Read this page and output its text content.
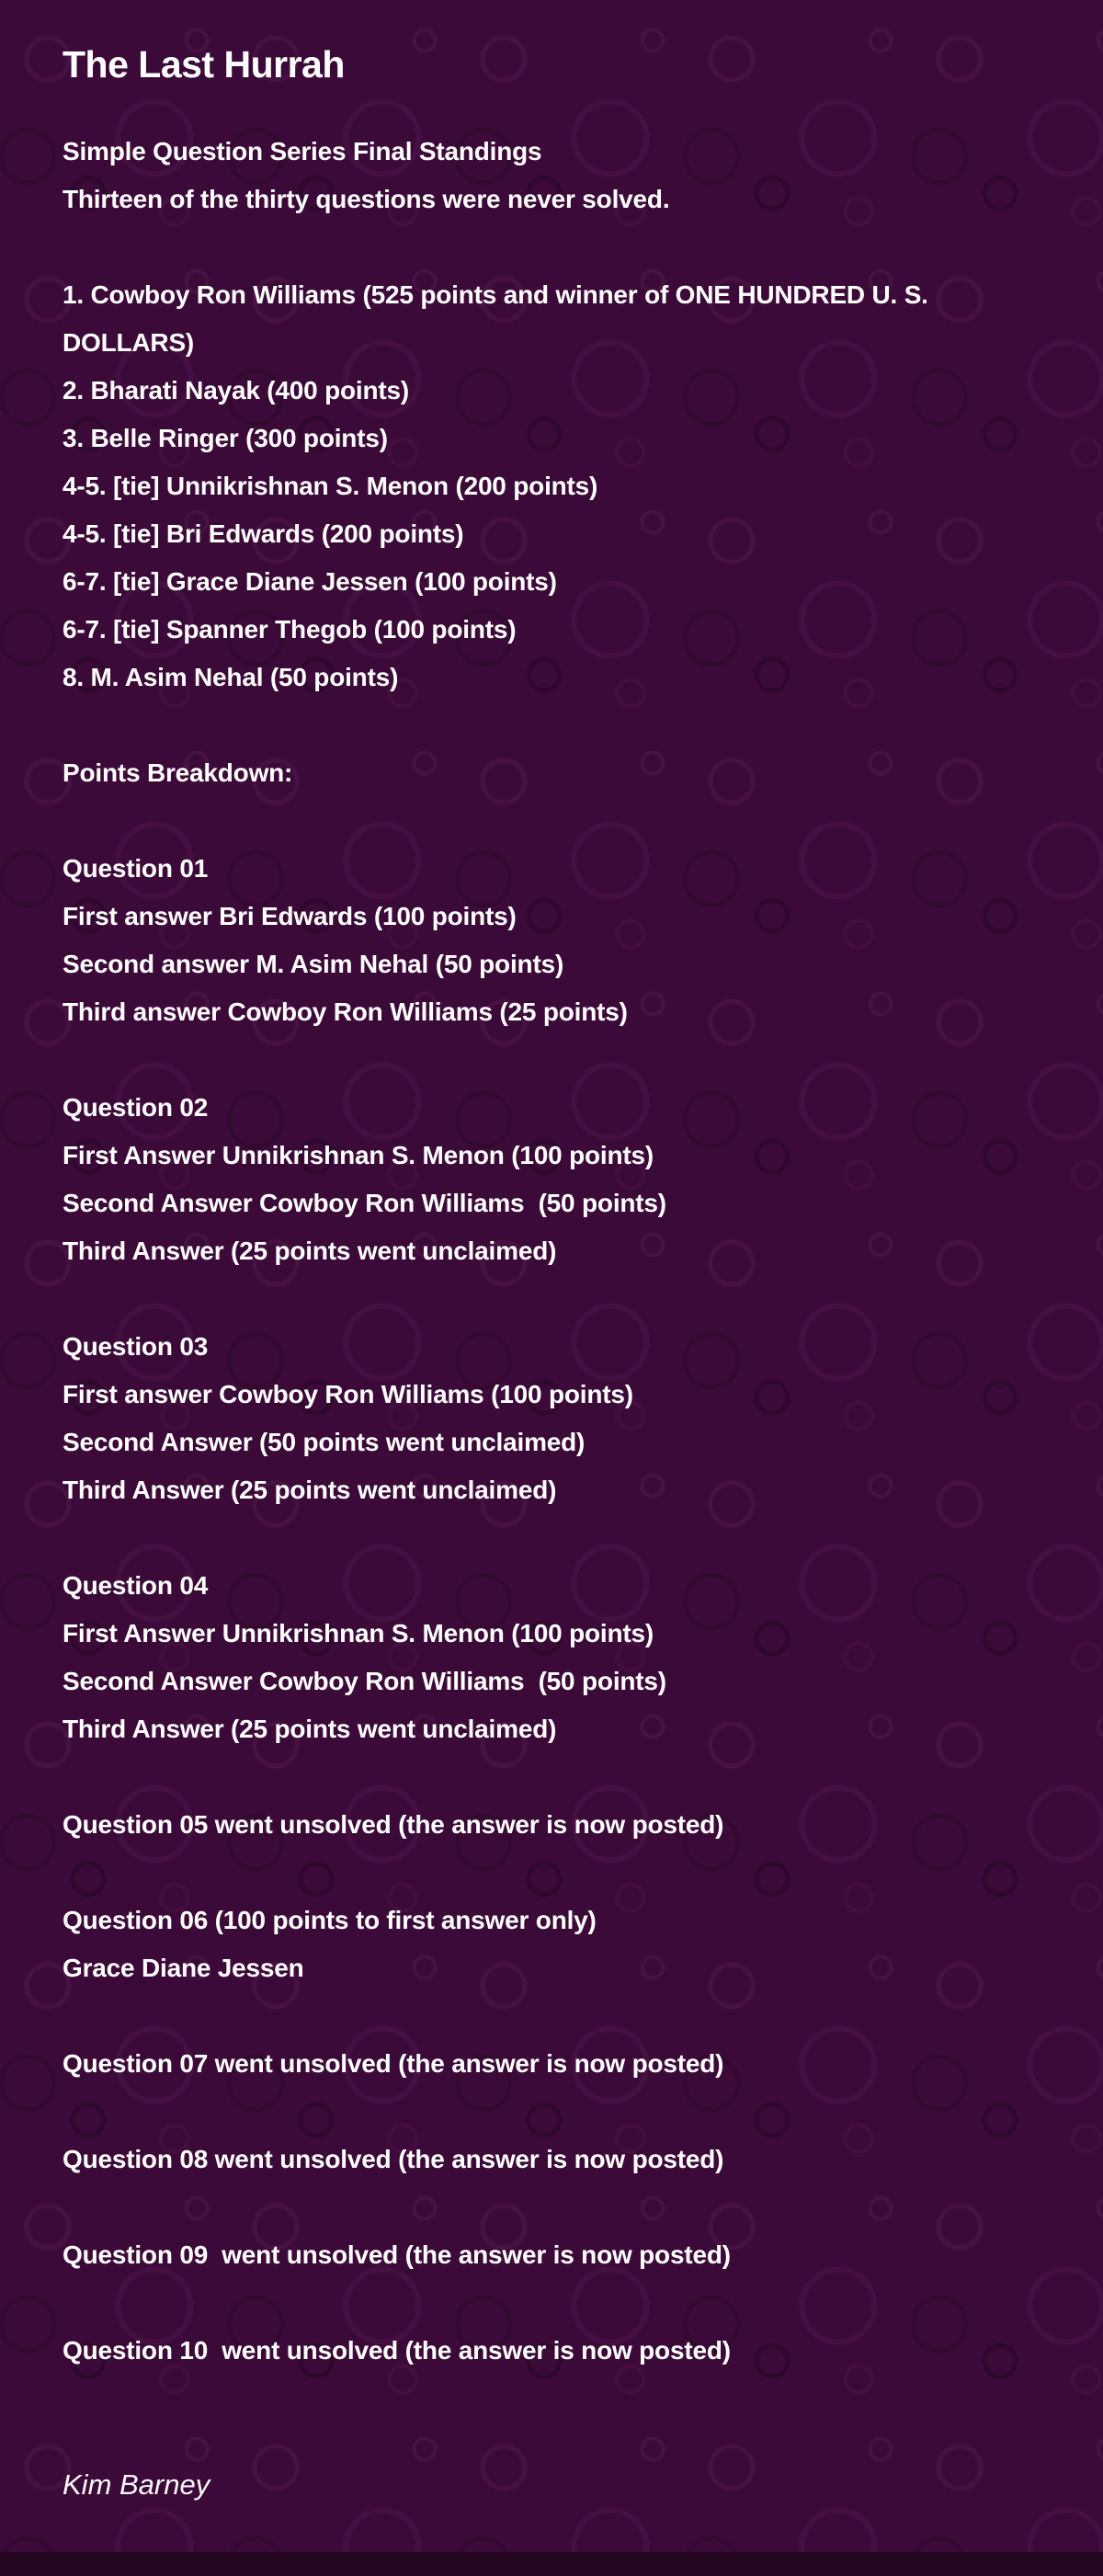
The Last Hurrah
Simple Question Series Final Standings
Thirteen of the thirty questions were never solved.
1. Cowboy Ron Williams (525 points and winner of ONE HUNDRED U. S. DOLLARS)
2. Bharati Nayak (400 points)
3. Belle Ringer (300 points)
4-5. [tie] Unnikrishnan S. Menon (200 points)
4-5. [tie] Bri Edwards (200 points)
6-7. [tie] Grace Diane Jessen (100 points)
6-7. [tie] Spanner Thegob (100 points)
8. M. Asim Nehal (50 points)
Points Breakdown:
Question 01
First answer Bri Edwards (100 points)
Second answer M. Asim Nehal (50 points)
Third answer Cowboy Ron Williams (25 points)
Question 02
First Answer Unnikrishnan S. Menon (100 points)
Second Answer Cowboy Ron Williams  (50 points)
Third Answer (25 points went unclaimed)
Question 03
First answer Cowboy Ron Williams (100 points)
Second Answer (50 points went unclaimed)
Third Answer (25 points went unclaimed)
Question 04
First Answer Unnikrishnan S. Menon (100 points)
Second Answer Cowboy Ron Williams  (50 points)
Third Answer (25 points went unclaimed)
Question 05 went unsolved (the answer is now posted)
Question 06 (100 points to first answer only)
Grace Diane Jessen
Question 07 went unsolved (the answer is now posted)
Question 08 went unsolved (the answer is now posted)
Question 09  went unsolved (the answer is now posted)
Question 10  went unsolved (the answer is now posted)
Kim Barney
